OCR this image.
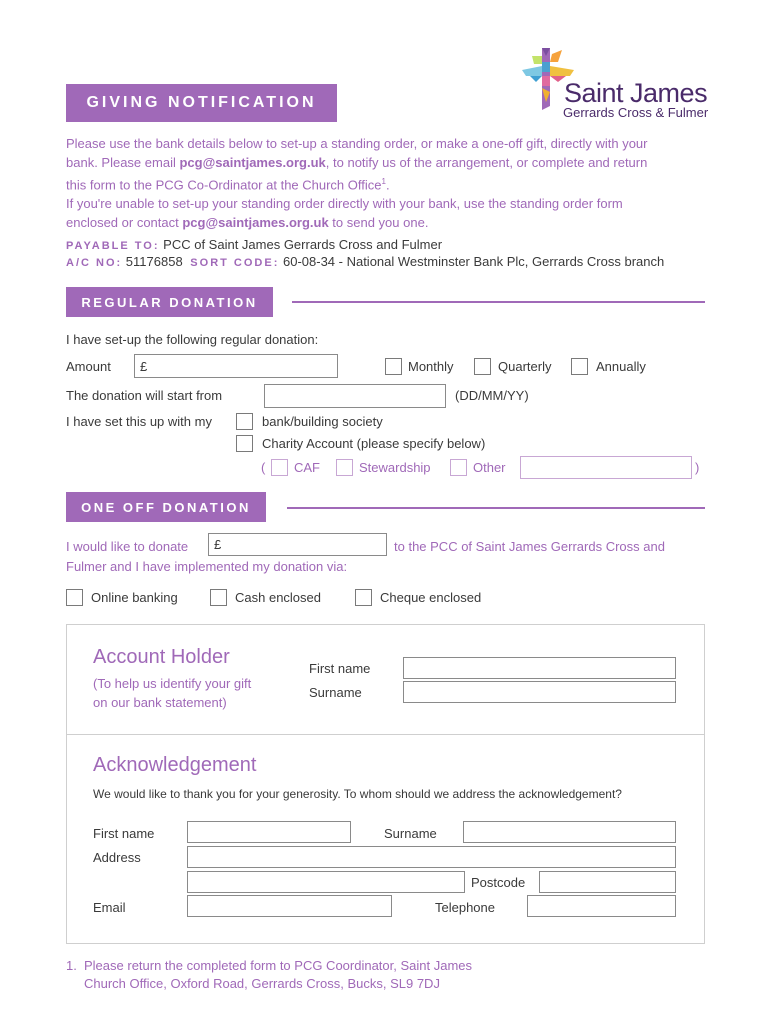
Saint James
Gerrards Cross & Fulmer
GIVING NOTIFICATION
Please use the bank details below to set-up a standing order, or make a one-off gift, directly with your
bank. Please email pcg@saintjames.org.uk, to notify us of the arrangement, or complete and return
this form to the PCG Co-Ordinator at the Church Office$^1$.
If you're unable to set-up your standing order directly with your bank, use the standing order form
enclosed or contact pcg@saintjames.org.uk to send you one.
PAYABLE TO: PCC of Saint James Gerrards Cross and Fulmer
A/C NO: 51176858 SORT CODE: 60-08-34 - National Westminster Bank Plc, Gerrards Cross branch
REGULAR DONATION
I have set-up the following regular donation:
Amount £	Monthly	Quarterly	Annually
The donation will start from	(DD/MM/YY)
I have set this up with my	bank/building society
Charity Account (please specify below)
( CAF	Stewardship	Other	)
ONE OFF DONATION
I would like to donate £	to the PCC of Saint James Gerrards Cross and
Fulmer and I have implemented my donation via:
Online banking	Cash enclosed	Cheque enclosed
Account Holder
(To help us identify your gift
on our bank statement)
First name
Surname
Acknowledgement
We would like to thank you for your generosity. To whom should we address the acknowledgement?
First name	Surname
Address
Postcode
Email	Telephone
1. Please return the completed form to PCG Coordinator, Saint James
Church Office, Oxford Road, Gerrards Cross, Bucks, SL9 7DJ
